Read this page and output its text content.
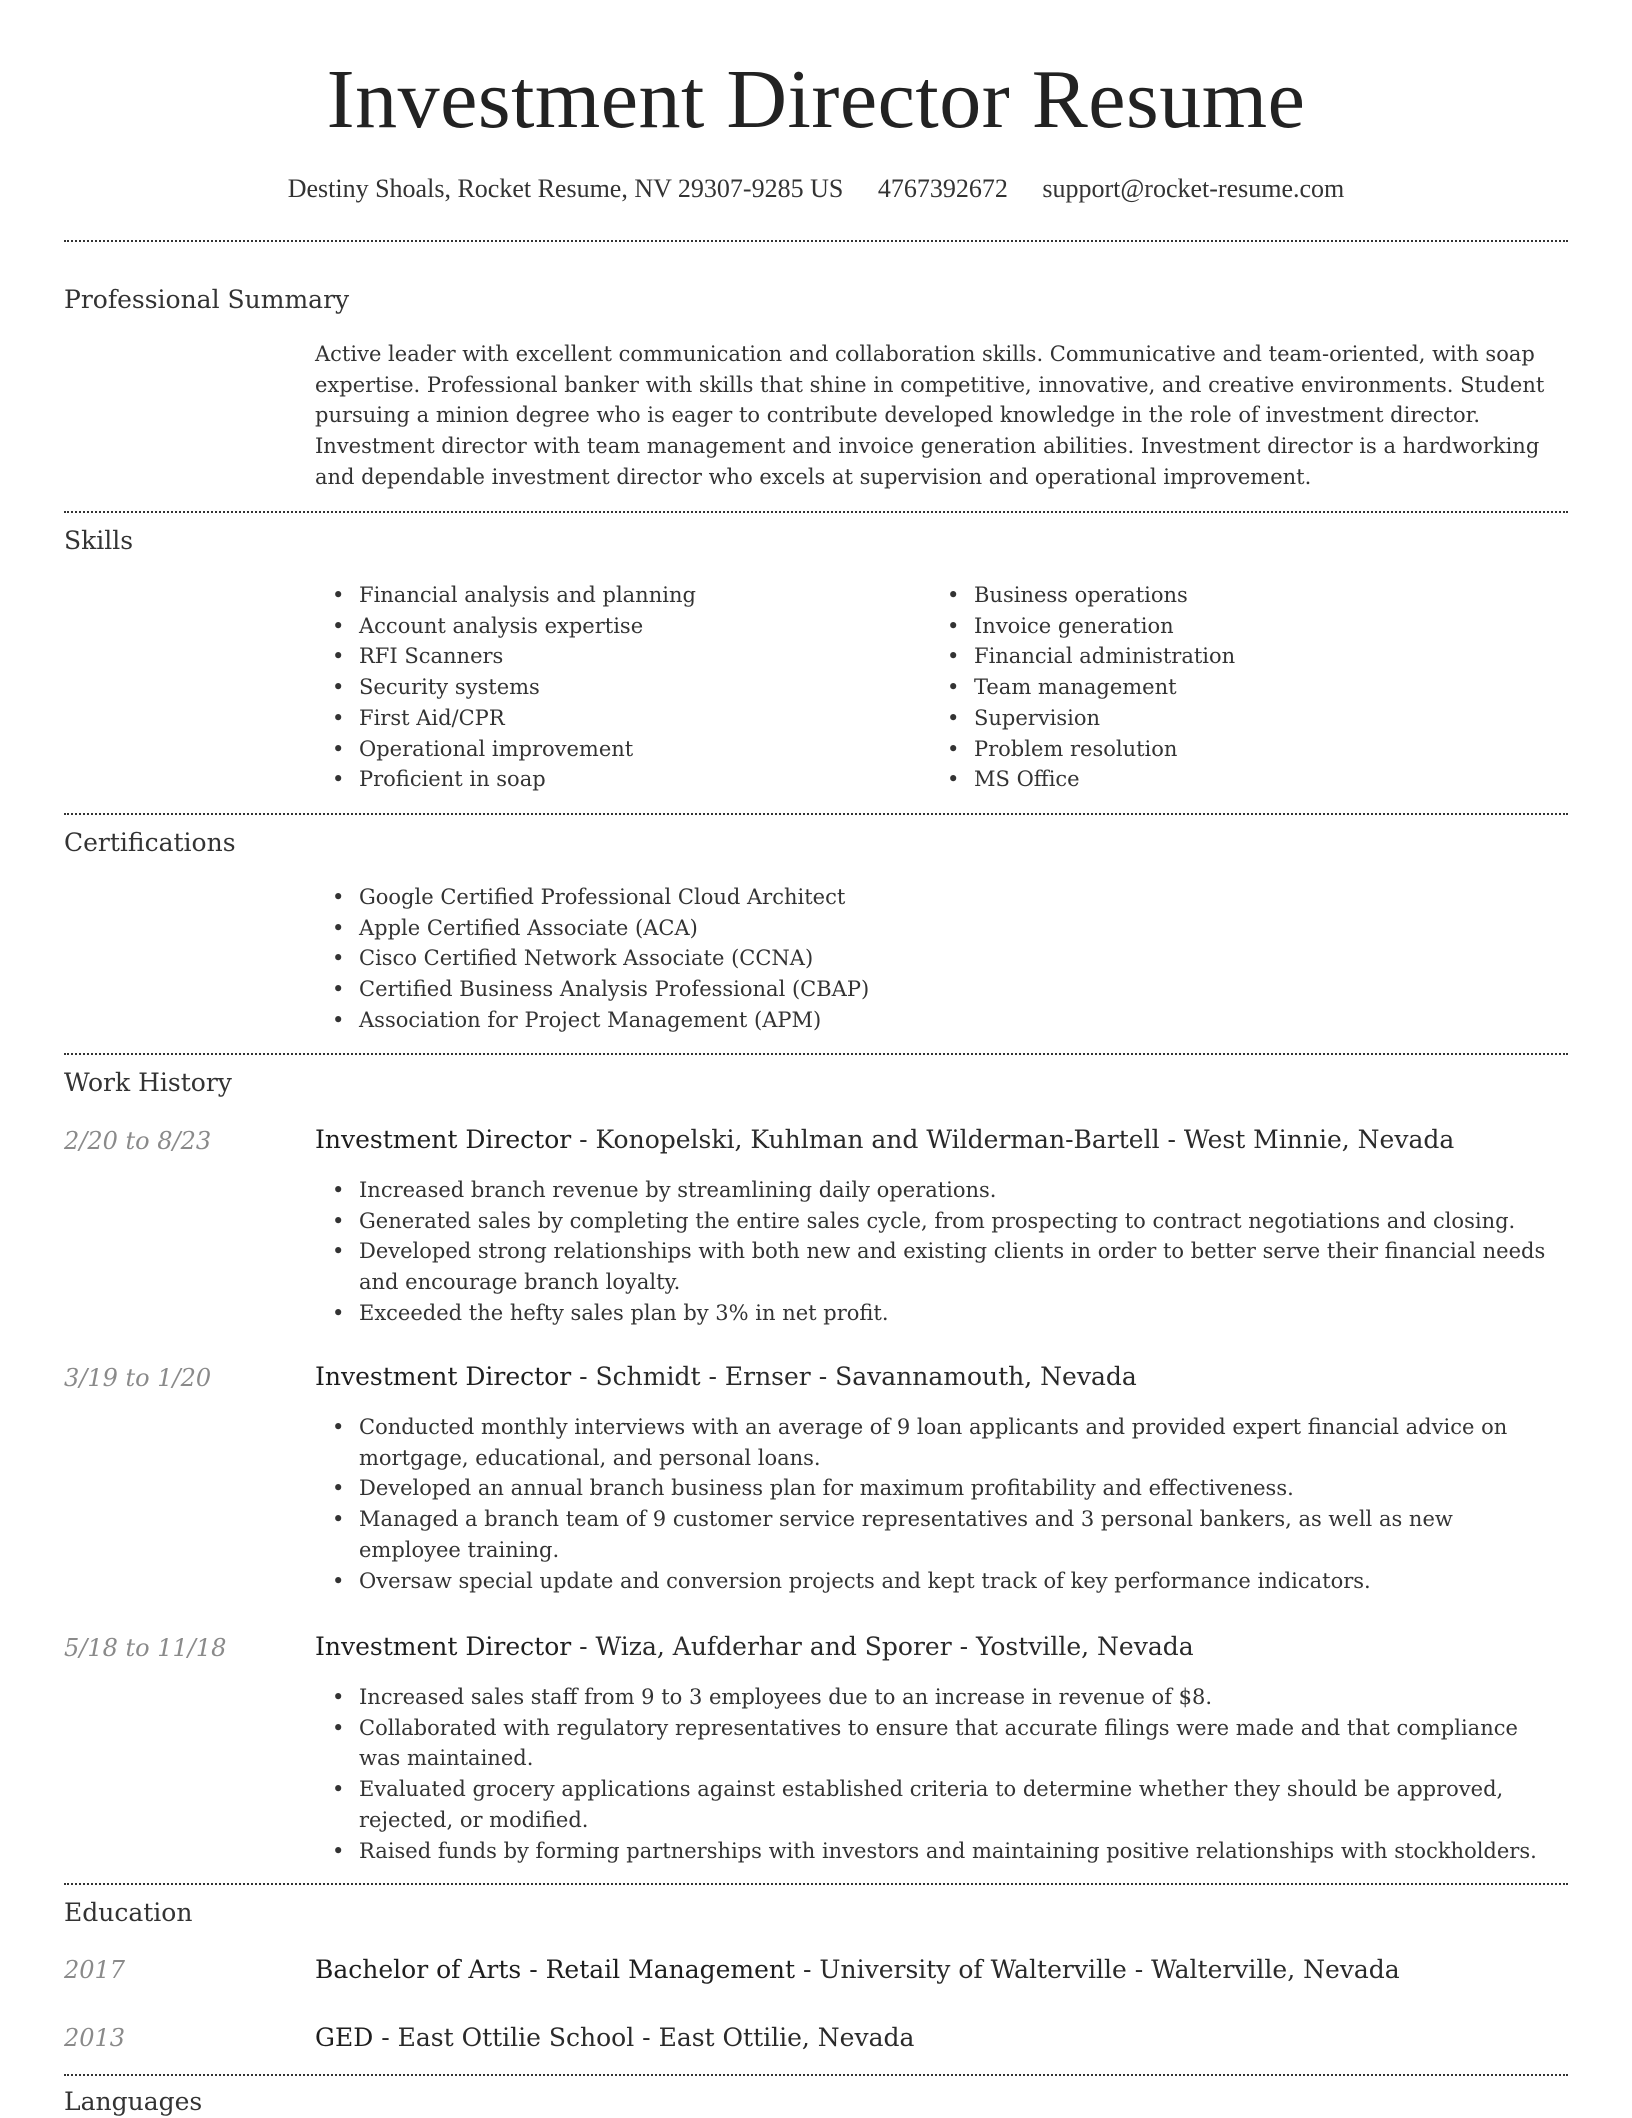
Investment Director Resume
Destiny Shoals, Rocket Resume, NV 29307-9285 US 4767392672 support@rocket-resume.com
Professional Summary
Active leader with excellent communication and collaboration skills. Communicative and team-oriented, with soap expertise. Professional banker with skills that shine in competitive, innovative, and creative environments. Student pursuing a minion degree who is eager to contribute developed knowledge in the role of investment director. Investment director with team management and invoice generation abilities. Investment director is a hardworking and dependable investment director who excels at supervision and operational improvement.
Skills
• Financial analysis and planning
• Account analysis expertise
• RFI Scanners
• Security systems
• First Aid/CPR
• Operational improvement
• Proficient in soap
• Business operations
• Invoice generation
• Financial administration
• Team management
• Supervision
• Problem resolution
• MS Office
Certifications
• Google Certified Professional Cloud Architect
• Apple Certified Associate (ACA)
• Cisco Certified Network Associate (CCNA)
• Certified Business Analysis Professional (CBAP)
• Association for Project Management (APM)
Work History
2/20 to 8/23	Investment Director - Konopelski, Kuhlman and Wilderman-Bartell - West Minnie, Nevada
• Increased branch revenue by streamlining daily operations.
• Generated sales by completing the entire sales cycle, from prospecting to contract negotiations and closing.
• Developed strong relationships with both new and existing clients in order to better serve their financial needs and encourage branch loyalty.
• Exceeded the hefty sales plan by 3% in net profit.
3/19 to 1/20	Investment Director - Schmidt - Ernser - Savannamouth, Nevada
• Conducted monthly interviews with an average of 9 loan applicants and provided expert financial advice on mortgage, educational, and personal loans.
• Developed an annual branch business plan for maximum profitability and effectiveness.
• Managed a branch team of 9 customer service representatives and 3 personal bankers, as well as new employee training.
• Oversaw special update and conversion projects and kept track of key performance indicators.
5/18 to 11/18	Investment Director - Wiza, Aufderhar and Sporer - Yostville, Nevada
• Increased sales staff from 9 to 3 employees due to an increase in revenue of $8.
• Collaborated with regulatory representatives to ensure that accurate filings were made and that compliance was maintained.
• Evaluated grocery applications against established criteria to determine whether they should be approved, rejected, or modified.
• Raised funds by forming partnerships with investors and maintaining positive relationships with stockholders.
Education
2017	Bachelor of Arts - Retail Management - University of Walterville - Walterville, Nevada
2013	GED - East Ottilie School - East Ottilie, Nevada
Languages
